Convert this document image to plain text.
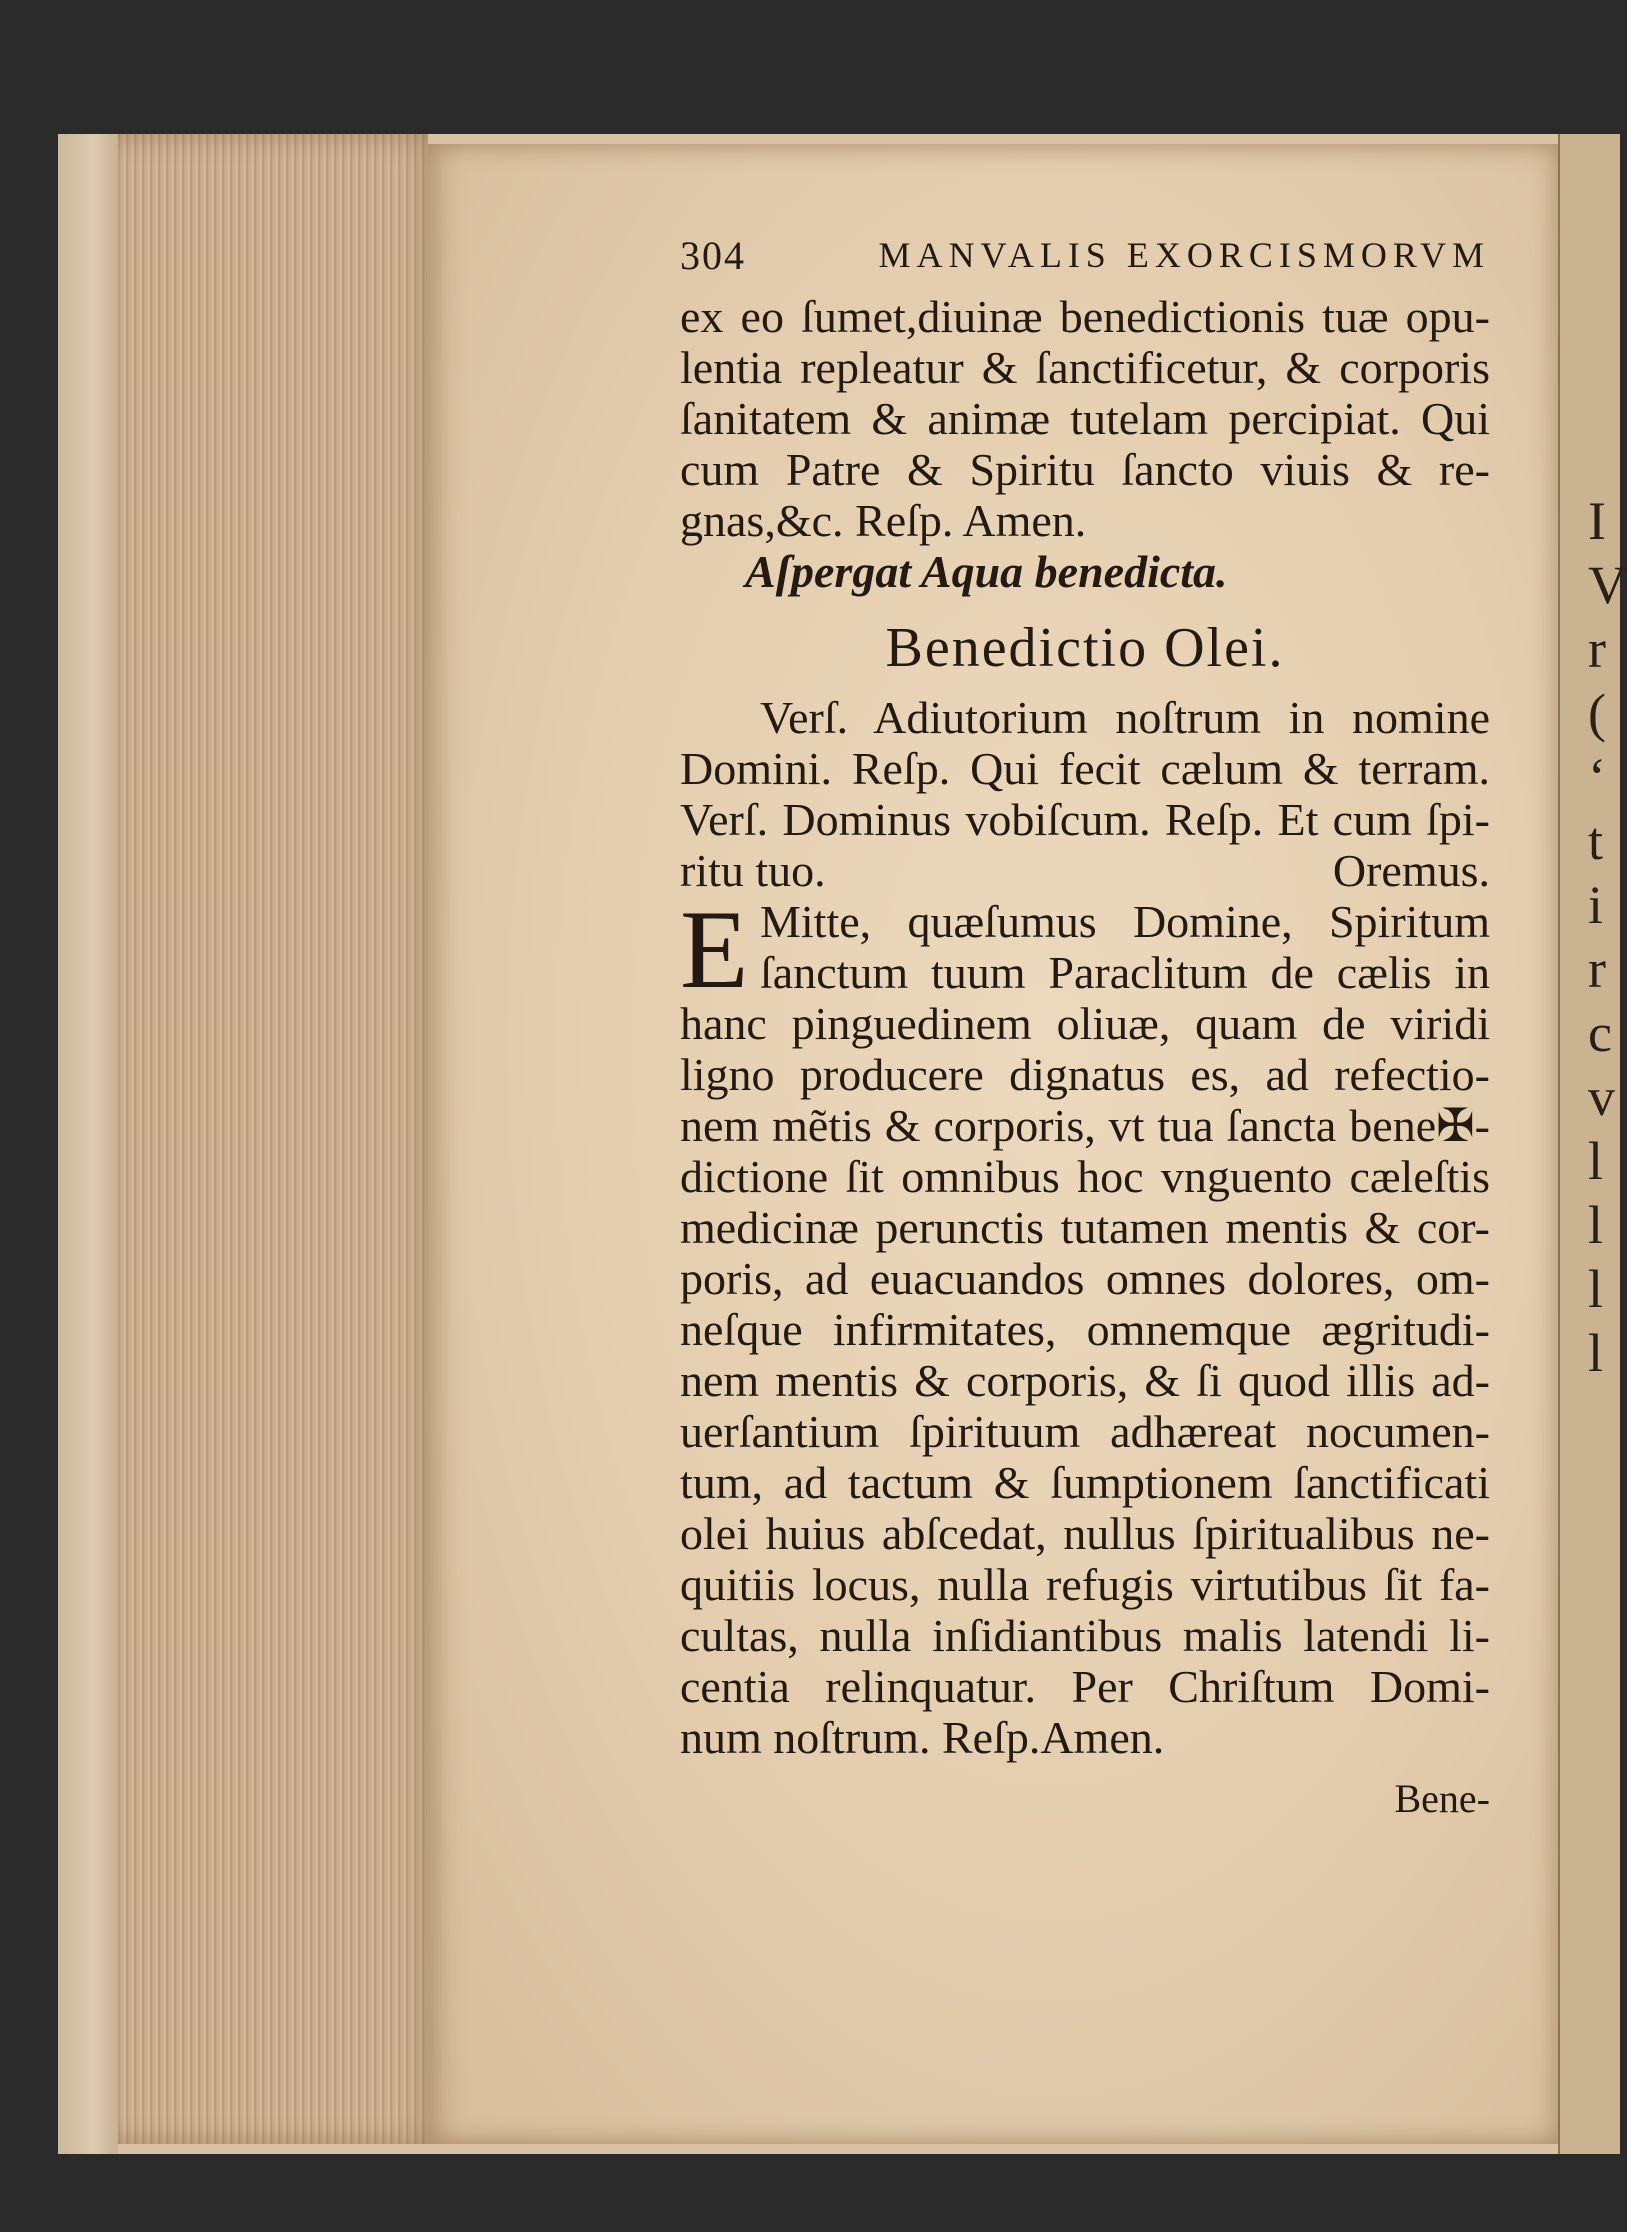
I
V
r
(
ʻ
t
i
r
c
v
l
l
l
l
304	MANVALIS EXORCISMORVM
ex eo ſumet,diuinæ benedictionis tuæ opu-
lentia repleatur & ſanctificetur, & corporis
ſanitatem & animæ tutelam percipiat. Qui
cum Patre & Spiritu ſancto viuis & re-
gnas,&c. Reſp. Amen.
Aſpergat Aqua benedicta.
Benedictio Olei.
Verſ. Adiutorium noſtrum in nomine
Domini. Reſp. Qui fecit cælum & terram.
Verſ. Dominus vobiſcum. Reſp. Et cum ſpi-
ritu tuo.	Oremus.
E Mitte, quæſumus Domine, Spiritum
ſanctum tuum Paraclitum de cælis in
hanc pinguedinem oliuæ, quam de viridi
ligno producere dignatus es, ad refectio-
nem mẽtis & corporis, vt tua ſancta bene✠-
dictione ſit omnibus hoc vnguento cæleſtis
medicinæ perunctis tutamen mentis & cor-
poris, ad euacuandos omnes dolores, om-
neſque infirmitates, omnemque ægritudi-
nem mentis & corporis, & ſi quod illis ad-
uerſantium ſpirituum adhæreat nocumen-
tum, ad tactum & ſumptionem ſanctificati
olei huius abſcedat, nullus ſpiritualibus ne-
quitiis locus, nulla refugis virtutibus ſit fa-
cultas, nulla inſidiantibus malis latendi li-
centia relinquatur. Per Chriſtum Domi-
num noſtrum. Reſp.Amen.
Bene-
